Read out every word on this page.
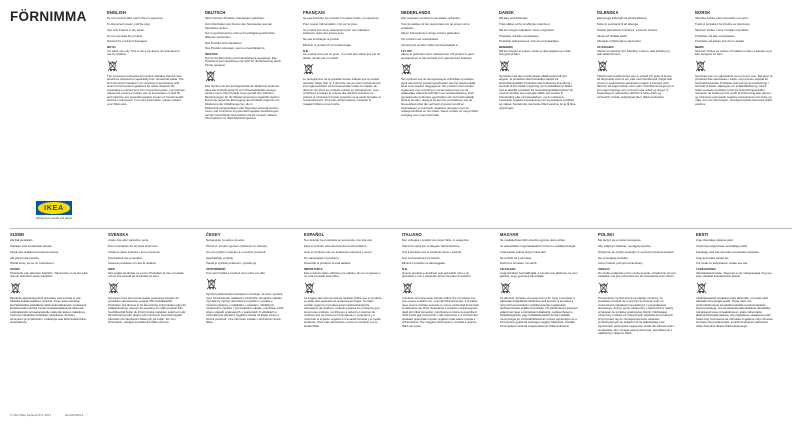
FÖRNIMMA	ENGLISH

Do not connect after each other in sequence.

To disconnect power, pull the plug.

Use only indoors in dry areas.

Do not overload the product.

Discard the product if damaged.

NOTE!
For adult use only. This is not a toy and is not intended for use by children.

The crossed-out wheeled bin symbol indicates that the item should be disposed of separately from household waste. The item should be handed in for recycling in accordance with local environmental regulations for waste disposal. By separating a marked item from household waste, you will help reduce the volume of waste sent to incinerators or land-fill and minimize any potential negative impact on human health and the environment. For more information, please contact your IKEA store.

DEUTSCH

Nicht mehrere Produkte miteinander verbinden.

Zum Abschalten des Stroms den Netzstecker aus der Steckdose ziehen.

Nur in geschlossenen und vor Feuchtigkeit geschützten Räumen verwenden.

Das Produkt nicht überlasten.

Das Produkt entsorgen, wenn es beschädigt ist.

WICHTIG!
Nur für die Benutzung durch Erwachsene ausgelegt. Das Produkt ist kein Spielzeug und nicht für die Benutzung durch Kinder geeignet.

Das Symbol mit der durchgestrichenen Mülltonne bedeutet, dass das Produkt getrennt vom Haushaltsabfall entsorgt werden muss. Das Produkt muss gemäß den örtlichen Bestimmungen für die Wiederverwertung zugeführt werden. Durch die getrennte Entsorgung des Produkts trägst du zur Minderung der Abfallmenge bei, die in Müllverbrennungsanlagen oder Deponien entsorgt werden muss, und minimierst so potenziell negative Auswirkungen auf die menschliche Gesundheit und die Umwelt. Weitere Informationen im IKEA Einrichtungshaus.

FRANÇAIS

Ne pas brancher les produits l'un après l'autre, en séquence.

Pour couper l'alimentation, tirer sur la prise.

Ce produit est conçu uniquement pour une utilisation intérieure, dans des locaux secs.

Ne pas surcharger le produit.

Éliminer le produit s'il est endommagé.

N.B.
Ce produit n'est pas un jouet ; il ne doit être utilisé que par un adulte, jamais par un enfant.

Le pictogramme de la poubelle barrée indique que le produit doit faire l'objet d'un tri. Il doit être mis au rebut conformément à la réglementation environnementale locale en matière de déchets. En triant les produits portant ce pictogramme, vous contribuez à réduire le volume des déchets incinérés ou enfouis et minimisez l'impact potentiel sur la santé humaine et l'environnement. Pour plus d'informations, contacter le magasin IKEA le plus proche.

NEDERLANDS

Niet meerdere producten met elkaar verbinden.

Trek de stekker uit het stopcontact om de stroom uit te schakelen.

Alleen binnenshuis in droge ruimtes gebruiken.

Het product niet overbelasten.

Vervang het product indien het beschadigd is.

LET OP!
Alleen te gebruiken door volwassenen. Dit product is geen speelgoed en is niet bedoeld voor gebruik door kinderen.

Het symbool met de doorgestreepte vuilnisbak op wieltjes geeft aan dat het product gescheiden van het huishoudelijk afval moet worden weggegooid. Het product moet worden ingeleverd voor recycling in overeenstemming met de plaatselijke milieuvoorschriften voor afvalverwerking. Door gemarkeerde producten gescheiden van het huishoudelijk afval te houden, draag je bij aan het verminderen van de hoeveelheid afval die verbrand of gestort wordt en minimaliseer je eventuele negatieve gevolgen voor de volksgezondheid en het milieu. Neem contact op met je IKEA vestiging voor meer informatie.

DANSK

Må ikke serieforbindes.

Træk stikket ud for at afbryde strømmen.

Må kun bruges indendørs i tørre omgivelser.

Produktet må ikke overbelastes.

Produktet skal kasseres, hvis det er beskadiget.

BEMÆRK!
Må kun bruges af voksne. Dette er ikke legetøj og er ikke beregnet til børn.

Symbolet med den overkrydsede affaldsspand på hjul angiver, at produktet skal bortskaffes adskilt fra husholdningsaffald. Produktet skal indleveres til genbrug i henhold til den lokale lovgivning om bortskaffelse af affald. Ved at adskille produkter fra husholdningsaffald hjælper du med at mindske den mængde affald, der sendes til forbrænding eller på lossepladsen, og du minimerer eventuelle negative konsekvenser for menneskers sundhed og miljøet. Kontakt det nærmeste IKEA varehus for at få flere oplysninger.

ÍSLENSKA

Ekki tengja fjöltengill við annað fjöltengi.

Taktu úr sambandi til að aftengja.

Notaðu það aðeins innandyra, á þurrum stöðum.

Varast að ofhlaða tækið.

Aftengdu ef fjöltengill er skemmdur.

ATHUGAÐU!
Aðeins til notkunar fyrir fullorðna. Þetta er ekki leikfang og ekki ætlað börnum.

Táknið með ruslatunnunni sem er strikað yfir gefur til kynna að farga skuli vörunni sér, ekki með heimilisrusli. Farga skal vörunni í endurvinnslu samkvæmt reglum á hverjum stað. Með því að setja merktar vörur ekki í heimilisrusl dregur þú úr því magni úrgangs sem er brennt eða urðað og dregur úr hugsanlegum neikvæðum áhrifum á heilsu fólks og umhverfið. Frekari upplýsingar fást í IKEA versluninni.

NORSK

Skal ikke kobles etter hverandre i en serie.

Trekk ut kontakten for å koble av strømmen.

Skal kun brukes i tørre områder innendørs.

Produktet må ikke overbelastes.

Produktet må kastes hvis det er skadet.

MERK!
Skal kun brukes av voksne. Produktet er ikke et leketøy og er ikke beregnet for barn.

Symbolet viser en søppeldunk med et kryss over. Det betyr at produktet ikke skal kastes i søpla, men leveres separat for husholdningsavfall. Produktet skal leveres til resirkulering i henhold til lokale miljøregler om avfallshåndtering. Ved å holde merkede produkter borte fra husholdningsavfallet, reduserer du avfall som blir sendt til forbrenning eller deponi og minimerer potensielle negative konsekvenser for helse og miljø. For mer informasjon, vennligst kontakt nærmeste IKEA-varehus.

IKEA
Designed for people and planet
SUOMI

Älä liitä peräkkäin.

Katkaise virta irrottamalla pistoke.

Käytä vain sisätiloissa kuivissa tiloissa.

Älä ylikuormita tuotetta.

Hävitä tuote, jos se on vaurioitunut.

HUOM!
Tarkoitettu vain aikuisten käyttöön. Tämä tuote ei ole lelu eikä sitä ole tarkoitettu lasten käyttöön.

Rastitettu jäteastiasymboli tarkoittaa, että tuotetta ei saa hävittää kotitalousjätteen mukana. Tuote tulee toimittaa kierrätettäväksi paikallisten jätehuoltomääräysten mukaisesti. Erottelemalla merkityt tuotteet kotitalousjätteestä vähennät polttolaitoksiin tai kaatopaikoille päätyvän jätteen määrää ja minimoit mahdolliset haitalliset vaikutukset ihmisten terveyteen ja ympäristöön. Lisätietoja saat lähimmästä IKEA-tavaratalosta.

SVENSKA

Anslut inte efter varandra i serie.

Dra ut kontakten för att bryta strömmen.

Använd endast inomhus i torra utrymmen.

Överbelasta inte produkten.

Kassera produkten om den är skadad.

OBS!
Ska endast användas av vuxna. Produkten är inte en leksak och är inte avsedd att användas av barn.

Symbolen med den överkryssade soptunnan betyder att produkten ska kasseras separat från hushållsavfall. Produkten ska lämnas in för återvinning enligt lokala regler för avfallshantering. Genom att separera en märkt produkt från hushållsavfall bidrar du till att minska mängden avfall som går till förbränning eller deponi och minimerar eventuell negativ påverkan på människors hälsa och på miljön. För mer information, vänligen kontakta ditt IKEA-varuhus.

ČESKY

Nezapojujte za sebou do série.

Přívod el. proudu vypnete vytažením ze zásuvky.

Jen pro použití v interiéru a v suchém prostředí.

Nepřetěžujte výrobek.

Pokud je výrobek poškozen, vyhoďte jej.

UPOZORNĚNÍ:
Toto není hračka a výrobek není určen pro děti.

Symbol přeškrtnutého kontejneru označuje, že tento výrobek musí být likvidován odděleně od běžného domácího odpadu. Výrobek by měl být odevzdán k recyklaci v souladu s místními předpisy o nakládání s odpadem. Oddělením označeného výrobku z komunálního odpadu, pomůžete snížit objem odpadů spalovaných v spalovnách či skládkách a minimalizovat případný negativní dopad na lidské zdraví a životní prostředí. Více informací získáte v obchodním domě IKEA.

ESPAÑOL

No conectar los productos en secuencia, uno tras otro.

Para el enchufe para desconectar la alimentación.

Usar el producto solo en ambientes interiores y secos.

No sobrecargar el producto.

Desechar el producto si está dañado.

IMPORTANTE
Este producto debe utilizarse por adultos. No es un juguete y no está pensado para niños.

La imagen del cubo de basura tachado indica que el producto se debe tirar separado de la basura del hogar. Se debe reciclar según la normativa local medioambiental de eliminación de residuos. Cuando separas los productos que tienen este símbolo, contribuyes a reducir el volumen de residuos que se envían a incineradoras o vertederos y a minimizar el impacto negativo en la salud humana y el medio ambiente. Para más información, ponte en contacto con tu tienda IKEA.

ITALIANO

Non collegare i prodotti uno dopo l'altro, in sequenza.

Stacca la spina per scollegare l'alimentazione.

Usa il prodotto solo in ambienti chiusi e asciutti.

Non sovraccaricare il prodotto.

Elimina il prodotto se danneggiato.

N.B.
Questo prodotto è destinato solo agli adulti. Non è un giocattolo e non è destinato all'uso da parte di bambini.

Il simbolo del cassonetto barrato indica che il prodotto non può essere smaltito con i normali rifiuti domestici. Il prodotto deve essere riciclato secondo le norme ambientali locali sullo smaltimento dei rifiuti. Separando il prodotto contrassegnato dagli altri rifiuti domestici, contribuirai a ridurre la quantità di rifiuti inviati agli inceneritori o alle discariche e a minimizzare qualsiasi potenziale impatto negativo sulla salute umana e sull'ambiente. Per maggiori informazioni, contatta il negozio IKEA più vicino.

MAGYAR

Ne csatlakoztass több elosztót egymás után sorban.

Az áramellátás megszakításához húzd ki a csatlakozódugót.

Csak beltéri száraz helyen használd.

Ne terheld túl a terméket.

Dobd ki a terméket, ha sérült.

FIGYELEM!
Csak felnőttek használhatják. A termék nem játékszer és nem ajánlott, hogy gyerekek használják.

Az áthúzott, kerekes szemetes ikon jelzi, hogy a terméket a háztartási hulladéktól elkülönítve kell kezelni. A terméket a helyi környezetvédelmi szabályozásnak megfelelően újrahasznosítás céljából kell leadni. Ha elkülöníted a jelzéssel ellátott terméket a háztartási hulladéktól, csökkentheted a hulladékégetőbe vagy hulladéklerakóba kerülő hulladék mennyiségét és minimalizálhatod az emberi egészségre és a környezetre gyakorolt esetleges negatív hatásokat. További információért vedd fel a kapcsolatot az IKEA áruházzal.

POLSKI

Nie łączyć się po kolei szeregowo.

Aby odłączyć zasilanie, wyciągnij wtyczkę.

Wyłącznie do użytku wewnątrz w suchych pomieszczeniach.

Nie przeciążaj produktu.

Usuń produkt, jeśli jest uszkodzony.

UWAGA!
Do użytku wyłącznie przez osoby dorosłe. Urządzenie nie jest zabawką i nie jest przeznaczone do stosowania przez dzieci.

Przekreślony symbol kosza na odpady oznacza, że omawiany produkt nie może być wyrzucany wraz ze zmieszanymi odpadami komunalnymi z gospodarstwa domowego. Zużyty sprzęt elektryczny i elektroniczny należy przekazać do punktów selektywnej zbiórki. Oddzielając oznaczony produkt od zmieszanych odpadów komunalnych, przyczyniasz się do zmniejszenia ilości odpadów przekazywanych do spalarni lub na składowiska oraz ograniczasz potencjalne negatywne skutki dla zdrowia ludzi i środowiska. Aby uzyskać więcej informacji, skontaktuj się z najbliższym sklepem IKEA.

EESTI

Ärge ühendage üksteise järel.

Vooluringi sulgemiseks eemaldage pistik.

Kasutage vaid siseruumides ja kuivades kohtades.

Ärge koormake toodet üle.

Kui toode on kahjustatud, visake see ära.

TÄHELEPANU!
Vaid täiskasvanutele. Tegemist ei ole mänguasjaga ning see pole mõeldud kasutamiseks lastele.

Läbikriipsutatud prügikasti märk tähendab, et toodet tuleb hävitada olmeprügist eraldi. Toode tuleb viia ümbertöötlemisele kooskõlas kohalike keskkonnakaitse õigusnormidega, mis puudutavad jäätmekäitlust. Eraldades märgistatud toote olmejäätmetest, aitate vähendada jäätmepõletusjaamadesse või prügilatesse saadetava prahi hulka ning minimeerite ka võimaliku negatiivse mõju inimeste tervisele ning keskkonnale. Lisainformatsiooni saamiseks võtke ühendust lähima IKEA kauplusega.

© Inter IKEA Systems B.V. 2017	AA-2067203-2
